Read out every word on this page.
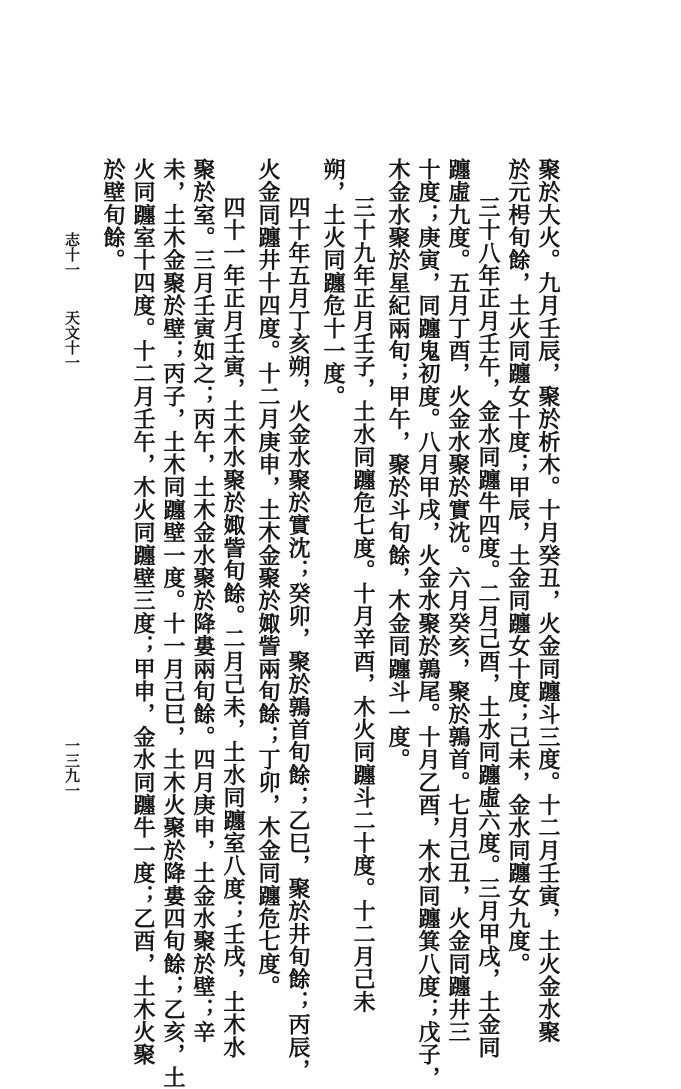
聚於大火。九月壬辰，聚於析木。十月癸丑，火金同躔斗三度。十二月壬寅，土火金水聚
於元枵旬餘，土火同躔女十度；甲辰，土金同躔女十度；己未，金水同躔女九度。
三十八年正月壬午，金水同躔牛四度。二月己酉，土水同躔虛六度。三月甲戌，土金同
躔虛九度。五月丁酉，火金水聚於實沈。六月癸亥，聚於鶉首。七月己丑，火金同躔井三
十度；庚寅，同躔鬼初度。八月甲戌，火金水聚於鶉尾。十月乙酉，木水同躔箕八度；戊子，
木金水聚於星紀兩旬；甲午，聚於斗旬餘，木金同躔斗一度。
三十九年正月壬子，土水同躔危七度。十月辛酉，木火同躔斗二十度。十二月己未
朔，土火同躔危十一度。
四十年五月丁亥朔，火金水聚於實沈；癸卯，聚於鶉首旬餘；乙巳，聚於井旬餘；丙辰，
火金同躔井十四度。十二月庚申，土木金聚於娵訾兩旬餘；丁卯，木金同躔危七度。
四十一年正月壬寅，土木水聚於娵訾旬餘。二月己未，土水同躔室八度；壬戌，土木水
聚於室。三月壬寅如之；丙午，土木金水聚於降婁兩旬餘。四月庚申，土金水聚於壁；辛
未，土木金聚於壁；丙子，土木同躔壁一度。十一月己巳，土木火聚於降婁四旬餘；乙亥，土
火同躔室十四度。十二月壬午，木火同躔壁三度；甲申，金水同躔牛一度；乙酉，土木火聚
於壁旬餘。
志十一
天文十一
一三九一
